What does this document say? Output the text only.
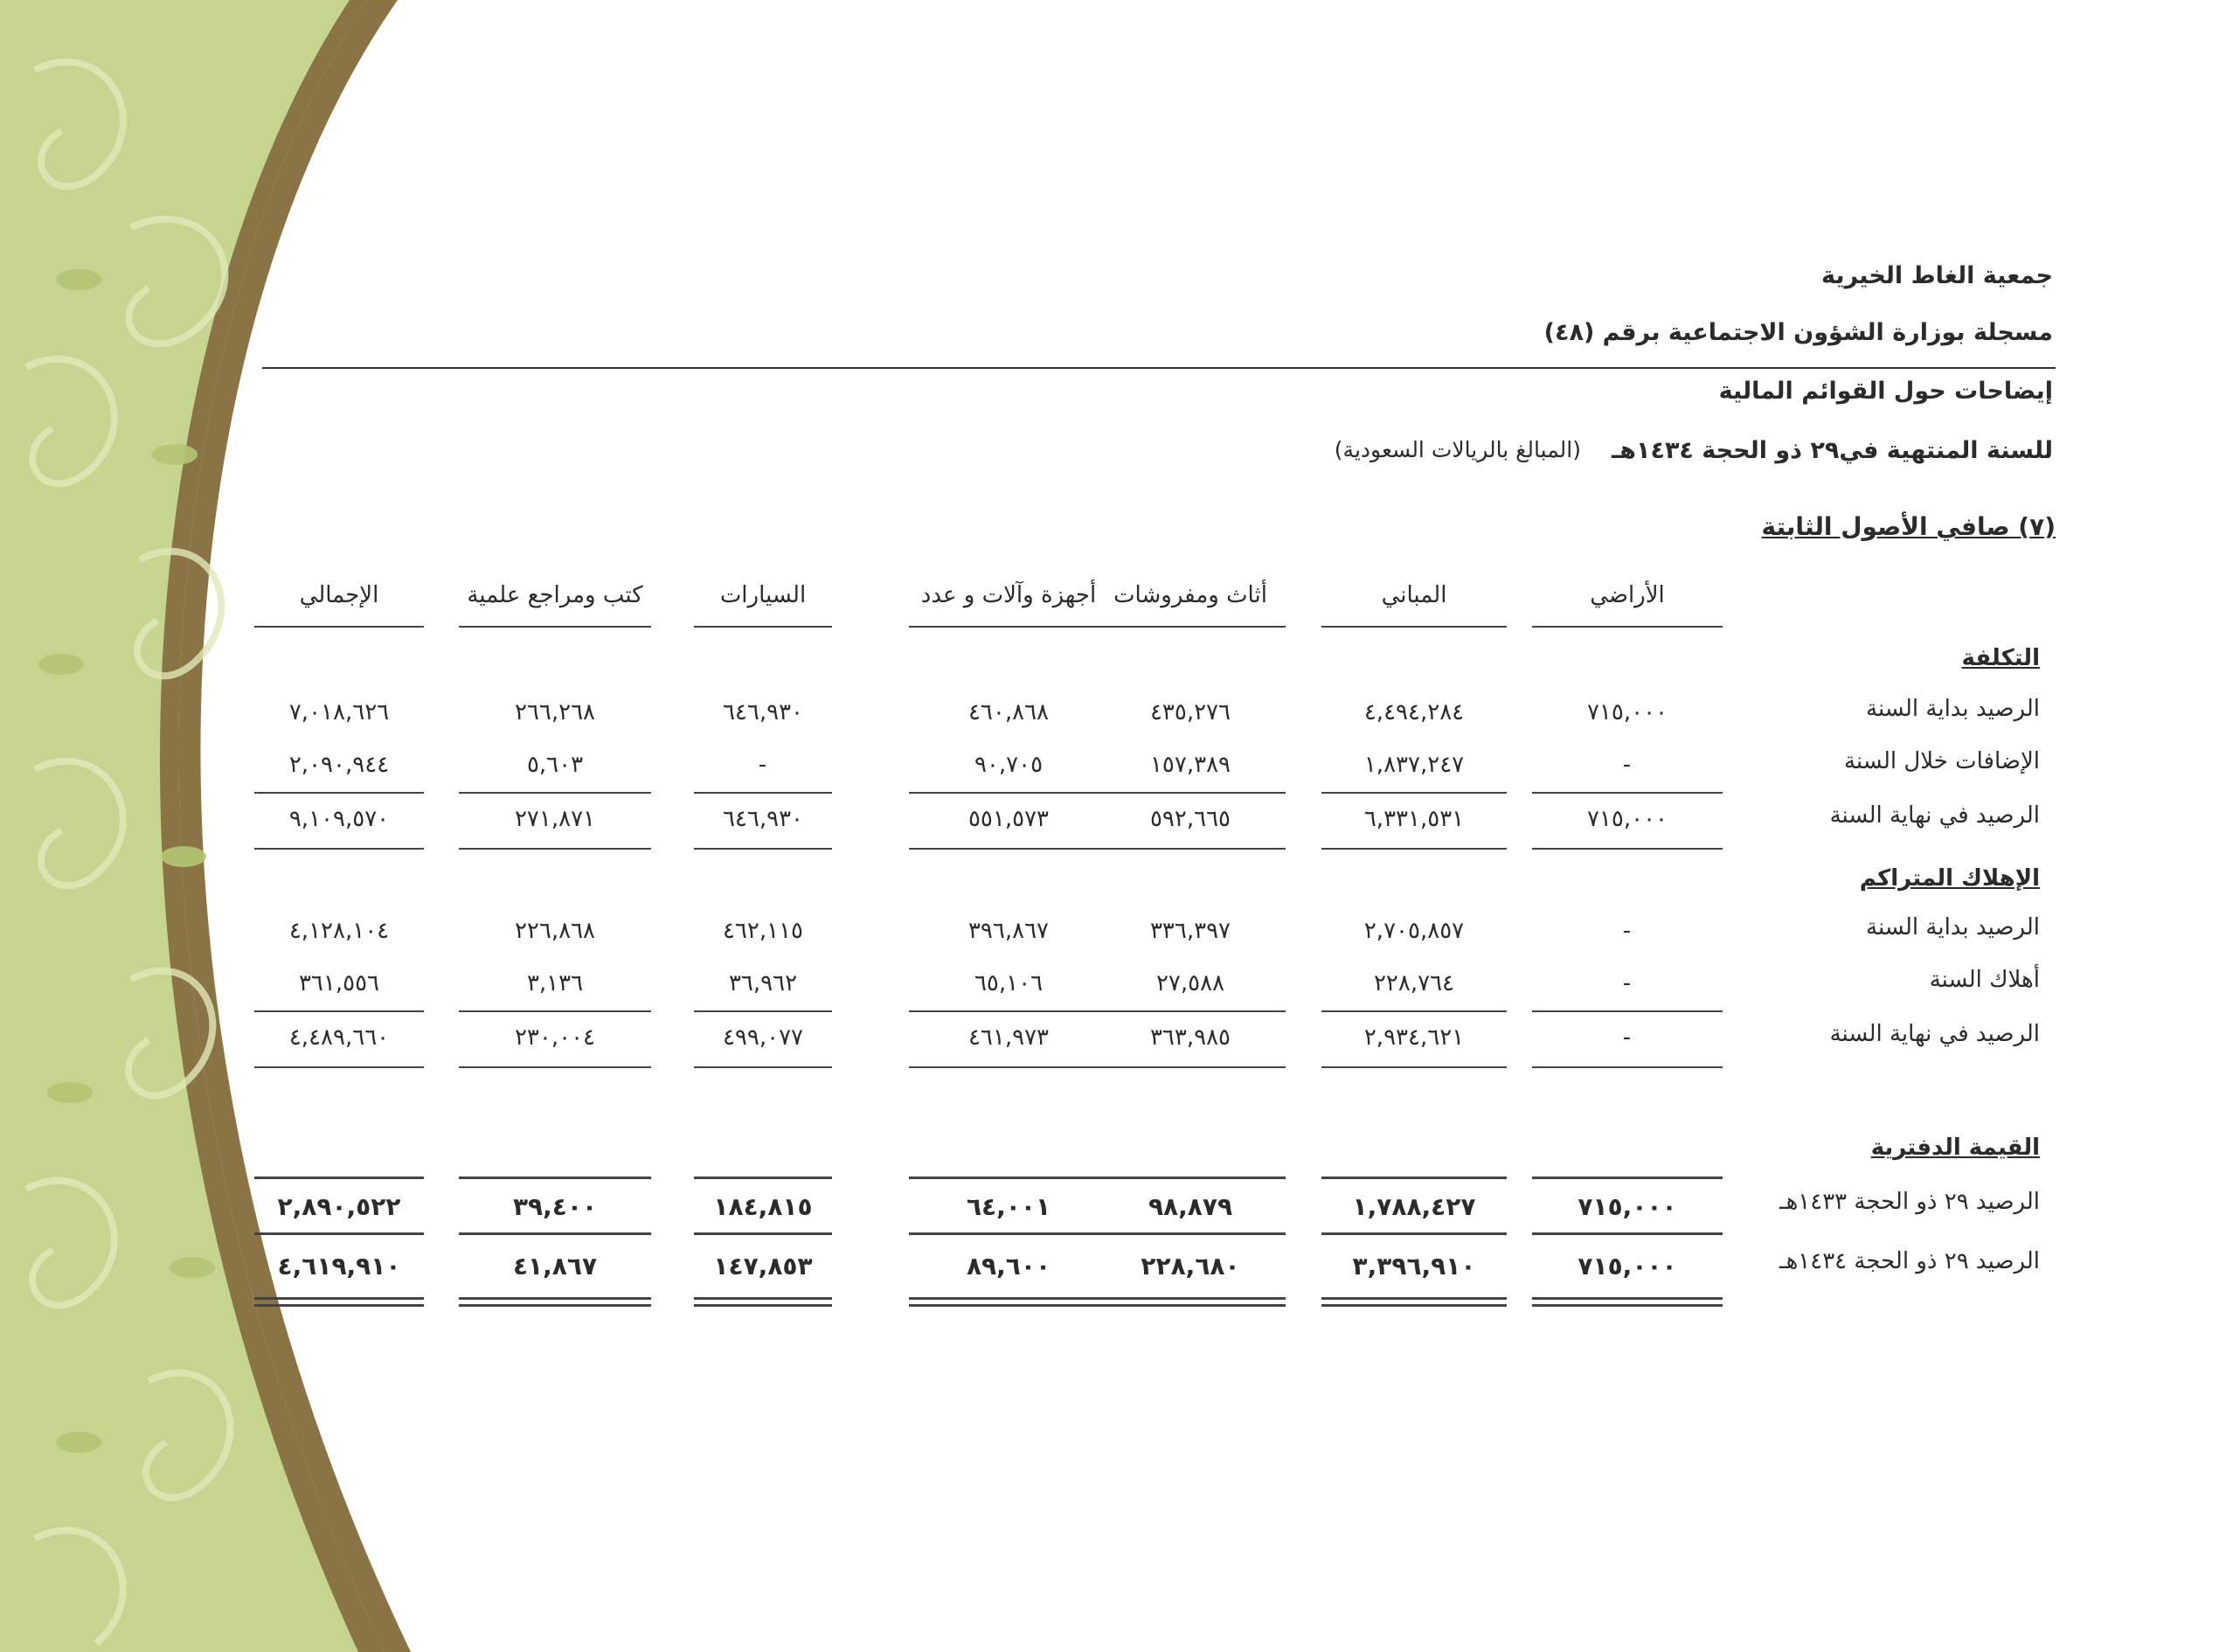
جمعية الغاط الخيرية
مسجلة بوزارة الشؤون الاجتماعية برقم (٤٨)
إيضاحات حول القوائم المالية
للسنة المنتهية في٢٩ ذو الحجة ١٤٣٤هـ
(المبالغ بالريالات السعودية)
(٧) صافي الأصول الثابتة
الأراضي
المباني
أثاث ومفروشات
أجهزة وآلات و عدد
السيارات
كتب ومراجع علمية
الإجمالي
التكلفة
الإهلاك المتراكم
القيمة الدفترية
الرصيد بداية السنة
٧١٥,٠٠٠
٤,٤٩٤,٢٨٤
٤٣٥,٢٧٦
٤٦٠,٨٦٨
٦٤٦,٩٣٠
٢٦٦,٢٦٨
٧,٠١٨,٦٢٦
الإضافات خلال السنة
-
١,٨٣٧,٢٤٧
١٥٧,٣٨٩
٩٠,٧٠٥
-
٥,٦٠٣
٢,٠٩٠,٩٤٤
الرصيد في نهاية السنة
٧١٥,٠٠٠
٦,٣٣١,٥٣١
٥٩٢,٦٦٥
٥٥١,٥٧٣
٦٤٦,٩٣٠
٢٧١,٨٧١
٩,١٠٩,٥٧٠
الرصيد بداية السنة
-
٢,٧٠٥,٨٥٧
٣٣٦,٣٩٧
٣٩٦,٨٦٧
٤٦٢,١١٥
٢٢٦,٨٦٨
٤,١٢٨,١٠٤
أهلاك السنة
-
٢٢٨,٧٦٤
٢٧,٥٨٨
٦٥,١٠٦
٣٦,٩٦٢
٣,١٣٦
٣٦١,٥٥٦
الرصيد في نهاية السنة
-
٢,٩٣٤,٦٢١
٣٦٣,٩٨٥
٤٦١,٩٧٣
٤٩٩,٠٧٧
٢٣٠,٠٠٤
٤,٤٨٩,٦٦٠
الرصيد ٢٩ ذو الحجة ١٤٣٣هـ
٧١٥,٠٠٠
١,٧٨٨,٤٢٧
٩٨,٨٧٩
٦٤,٠٠١
١٨٤,٨١٥
٣٩,٤٠٠
٢,٨٩٠,٥٢٢
الرصيد ٢٩ ذو الحجة ١٤٣٤هـ
٧١٥,٠٠٠
٣,٣٩٦,٩١٠
٢٢٨,٦٨٠
٨٩,٦٠٠
١٤٧,٨٥٣
٤١,٨٦٧
٤,٦١٩,٩١٠
